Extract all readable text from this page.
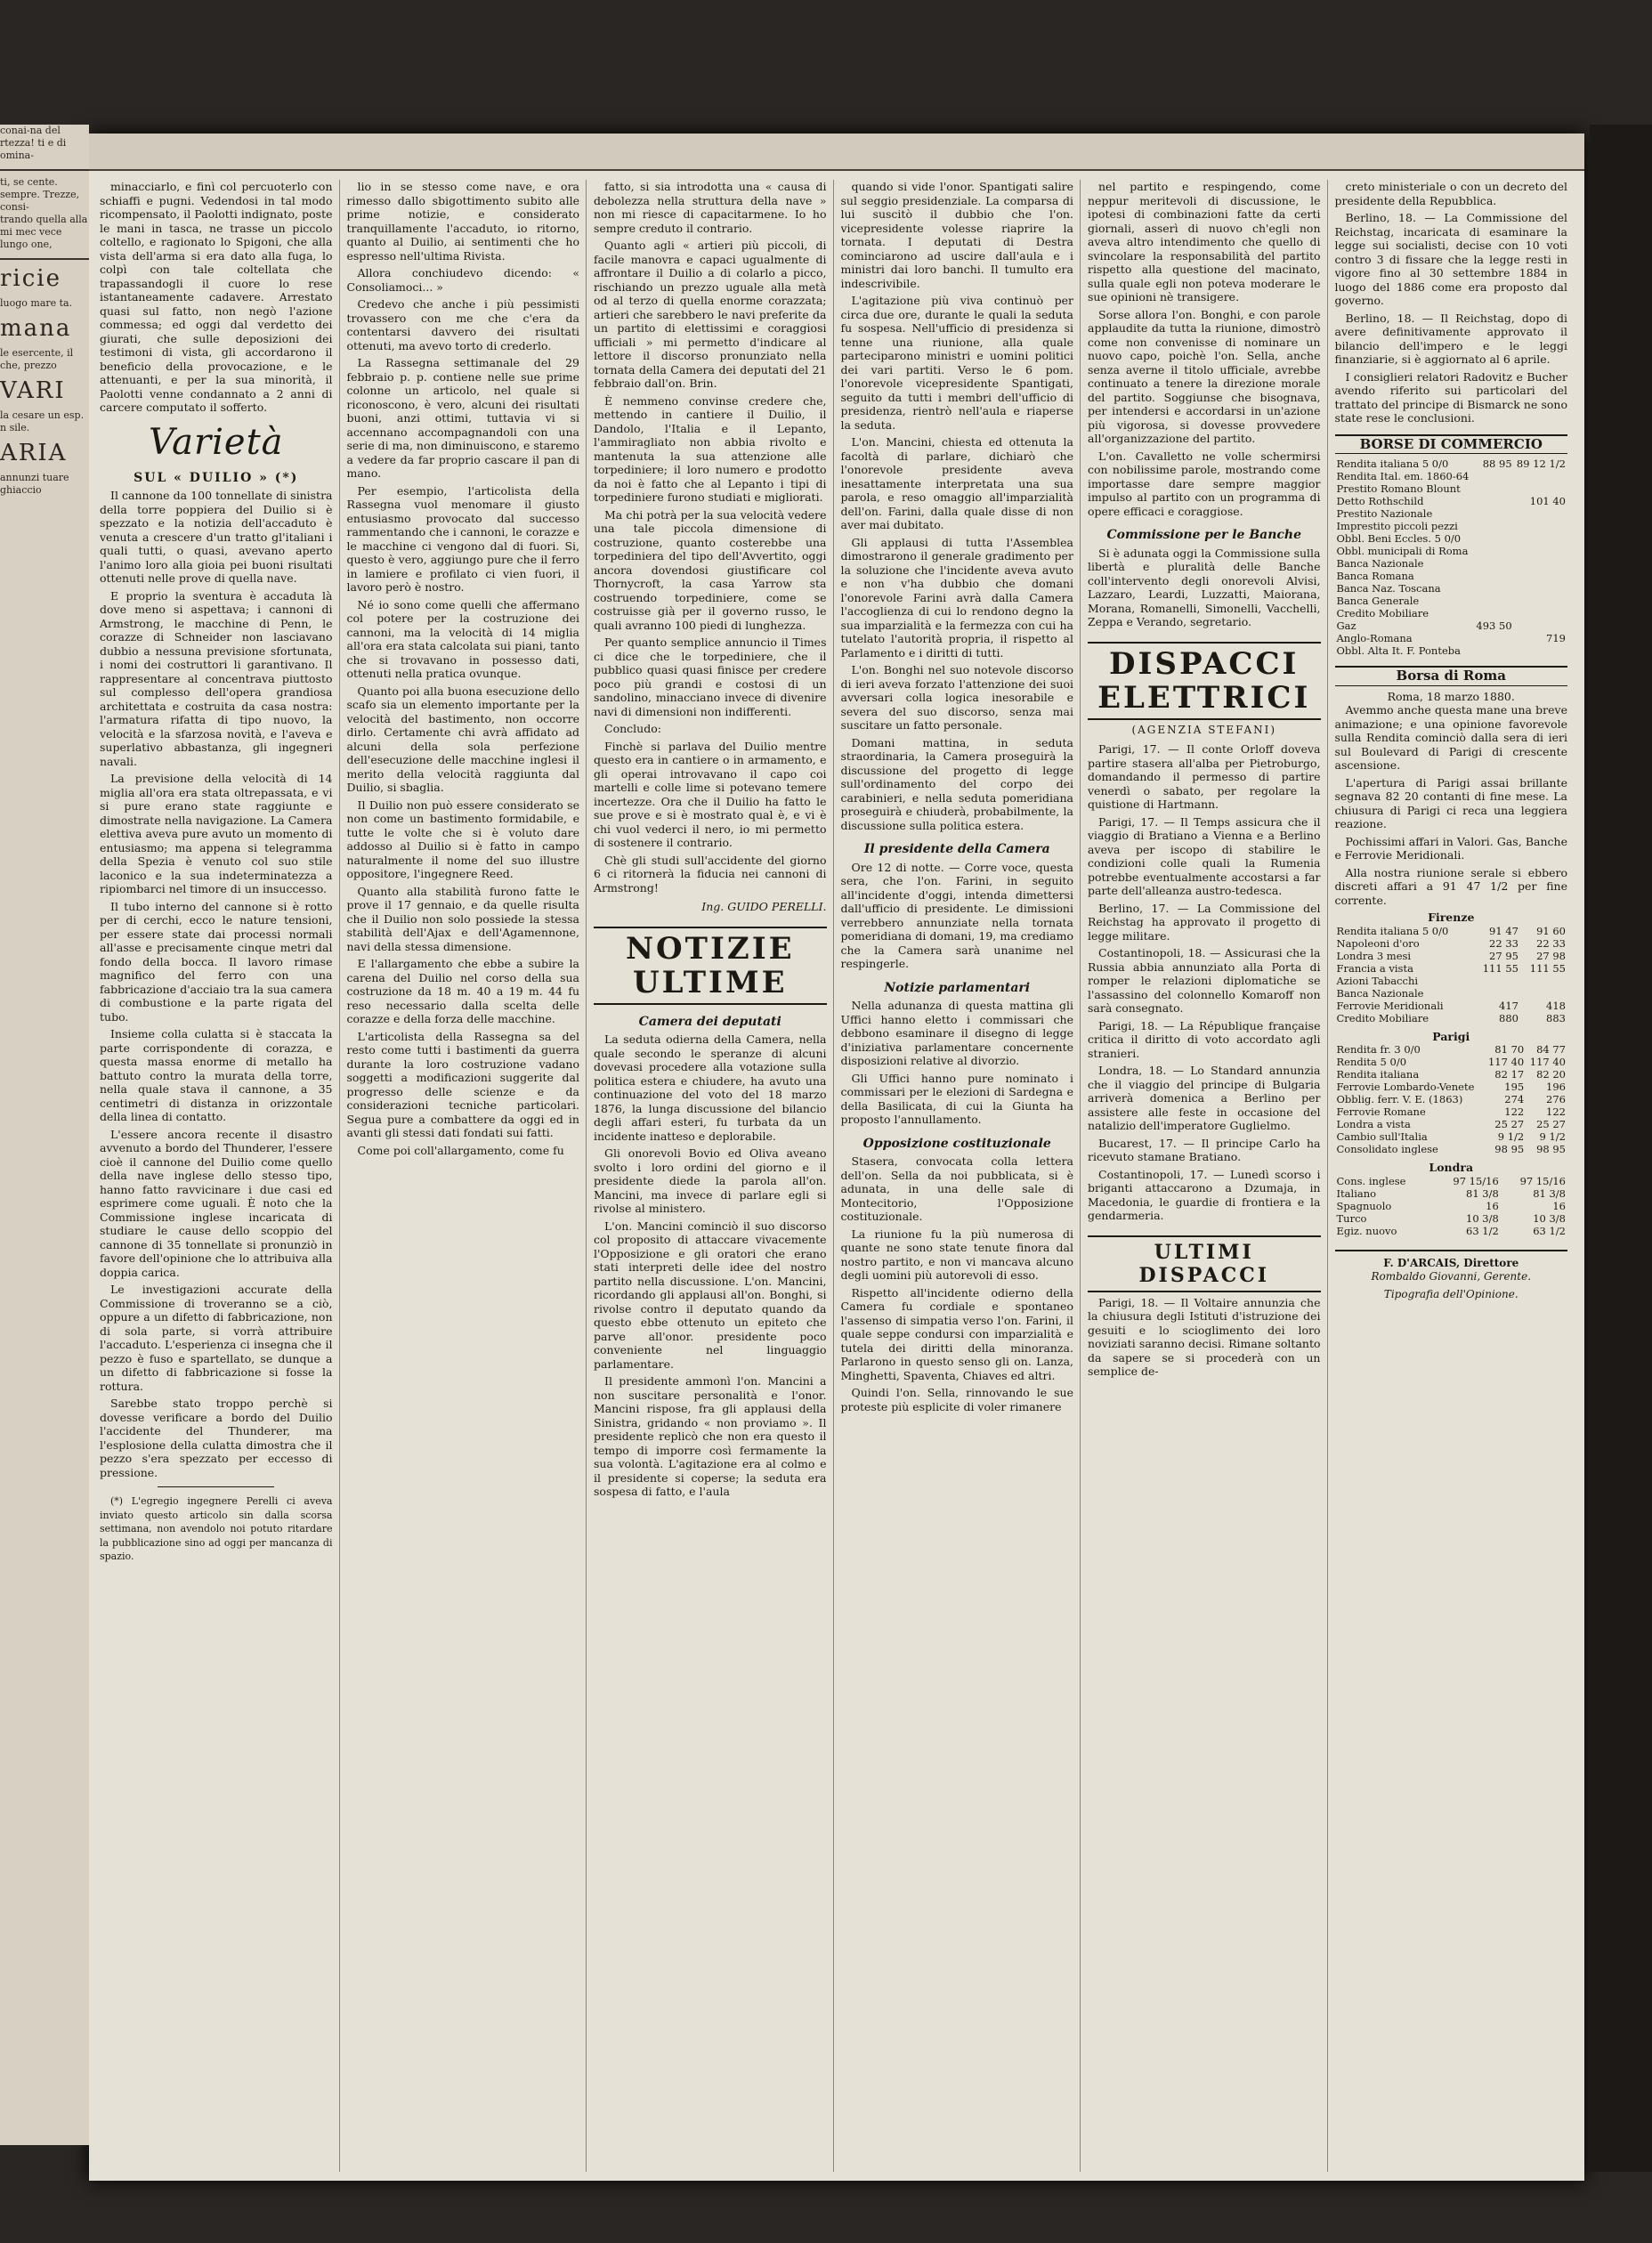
minacciarlo, e finì col percuoterlo con schiaffi e pugni. Vedendosi in tal modo ricompensato, il Paolotti indignato, poste le mani in tasca, ne trasse un piccolo coltello, e ragionato lo Spigoni, che alla vista dell'arma si era dato alla fuga, lo colpì con tale coltellata che trapassandogli il cuore lo rese istantaneamente cadavere. Arrestato quasi sul fatto, non negò l'azione commessa; ed oggi dal verdetto dei giurati, che sulle deposizioni dei testimoni di vista, gli accordarono il beneficio della provocazione, e le attenuanti, e per la sua minorità, il Paolotti venne condannato a 2 anni di carcere computato il sofferto.

Varietà
SUL « DUILIO » (*)

Il cannone da 100 tonnellate di sinistra della torre poppiera del Duilio si è spezzato e la notizia dell'accaduto è venuta a crescere d'un tratto gl'italiani i quali tutti, o quasi, avevano aperto l'animo loro alla gioia pei buoni risultati ottenuti nelle prove di quella nave.

E proprio la sventura è accaduta là dove meno si aspettava; i cannoni di Armstrong, le macchine di Penn, le corazze di Schneider non lasciavano dubbio a nessuna previsione sfortunata, i nomi dei costruttori li garantivano. Il rappresentare al concentrava piuttosto sul complesso dell'opera grandiosa architettata e costruita da casa nostra: l'armatura rifatta di tipo nuovo, la velocità e la sfarzosa novità, e l'aveva e superlativo abbastanza, gli ingegneri navali.

La previsione della velocità di 14 miglia all'ora era stata oltrepassata, e vi si pure erano state raggiunte e dimostrate nella navigazione. La Camera elettiva aveva pure avuto un momento di entusiasmo; ma appena si telegramma della Spezia è venuto col suo stile laconico e la sua indeterminatezza a ripiombarci nel timore di un insuccesso.

Il tubo interno del cannone si è rotto per di cerchi, ecco le nature tensioni, per essere state dai processi normali all'asse e precisamente cinque metri dal fondo della bocca. Il lavoro rimase magnifico del ferro con una fabbricazione d'acciaio tra la sua camera di combustione e la parte rigata del tubo.

Insieme colla culatta si è staccata la parte corrispondente di corazza, e questa massa enorme di metallo ha battuto contro la murata della torre, nella quale stava il cannone, a 35 centimetri di distanza in orizzontale della linea di contatto.

L'essere ancora recente il disastro avvenuto a bordo del Thunderer, l'essere cioè il cannone del Duilio come quello della nave inglese dello stesso tipo, hanno fatto ravvicinare i due casi ed esprimere come uguali. È noto che la Commissione inglese incaricata di studiare le cause dello scoppio del cannone di 35 tonnellate si pronunziò in favore dell'opinione che lo attribuiva alla doppia carica.

Le investigazioni accurate della Commissione di troveranno se a ciò, oppure a un difetto di fabbricazione, non di sola parte, si vorrà attribuire l'accaduto. L'esperienza ci insegna che il pezzo è fuso e spartellato, se dunque a un difetto di fabbricazione si fosse la rottura.

Sarebbe stato troppo perchè si dovesse verificare a bordo del Duilio l'accidente del Thunderer, ma l'esplosione della culatta dimostra che il pezzo s'era spezzato per eccesso di pressione.

(*) L'egregio ingegnere Perelli ci aveva inviato questo articolo sin dalla scorsa settimana, non avendolo noi potuto ritardare la pubblicazione sino ad oggi per mancanza di spazio.

lio in se stesso come nave, e ora rimesso dallo sbigottimento subito alle prime notizie, e considerato tranquillamente l'accaduto, io ritorno, quanto al Duilio, ai sentimenti che ho espresso nell'ultima Rivista.

Allora conchiudevo dicendo: « Consoliamoci... »

Credevo che anche i più pessimisti trovassero con me che c'era da contentarsi davvero dei risultati ottenuti, ma avevo torto di crederlo.

La Rassegna settimanale del 29 febbraio p. p. contiene nelle sue prime colonne un articolo, nel quale si riconoscono, è vero, alcuni dei risultati buoni, anzi ottimi, tuttavia vi si accennano accompagnandoli con una serie di ma, non diminuiscono, e staremo a vedere da far proprio cascare il pan di mano.

Per esempio, l'articolista della Rassegna vuol menomare il giusto entusiasmo provocato dal successo rammentando che i cannoni, le corazze e le macchine ci vengono dal di fuori. Si, questo è vero, aggiungo pure che il ferro in lamiere e profilato ci vien fuori, il lavoro però è nostro.

Né io sono come quelli che affermano col potere per la costruzione dei cannoni, ma la velocità di 14 miglia all'ora era stata calcolata sui piani, tanto che si trovavano in possesso dati, ottenuti nella pratica ovunque.

Quanto poi alla buona esecuzione dello scafo sia un elemento importante per la velocità del bastimento, non occorre dirlo. Certamente chi avrà affidato ad alcuni della sola perfezione dell'esecuzione delle macchine inglesi il merito della velocità raggiunta dal Duilio, si sbaglia.

Il Duilio non può essere considerato se non come un bastimento formidabile, e tutte le volte che si è voluto dare addosso al Duilio si è fatto in campo naturalmente il nome del suo illustre oppositore, l'ingegnere Reed.

Quanto alla stabilità furono fatte le prove il 17 gennaio, e da quelle risulta che il Duilio non solo possiede la stessa stabilità dell'Ajax e dell'Agamennone, navi della stessa dimensione.

E l'allargamento che ebbe a subire la carena del Duilio nel corso della sua costruzione da 18 m. 40 a 19 m. 44 fu reso necessario dalla scelta delle corazze e della forza delle macchine.

L'articolista della Rassegna sa del resto come tutti i bastimenti da guerra durante la loro costruzione vadano soggetti a modificazioni suggerite dal progresso delle scienze e da considerazioni tecniche particolari. Segua pure a combattere da oggi ed in avanti gli stessi dati fondati sui fatti.

Come poi coll'allargamento, come fu

fatto, si sia introdotta una « causa di debolezza nella struttura della nave » non mi riesce di capacitarmene. Io ho sempre creduto il contrario.

Quanto agli « artieri più piccoli, di facile manovra e capaci ugualmente di affrontare il Duilio a di colarlo a picco, rischiando un prezzo uguale alla metà od al terzo di quella enorme corazzata; artieri che sarebbero le navi preferite da un partito di elettissimi e coraggiosi ufficiali » mi permetto d'indicare al lettore il discorso pronunziato nella tornata della Camera dei deputati del 21 febbraio dall'on. Brin.

È nemmeno convinse credere che, mettendo in cantiere il Duilio, il Dandolo, l'Italia e il Lepanto, l'ammiragliato non abbia rivolto e mantenuta la sua attenzione alle torpediniere; il loro numero e prodotto da noi è fatto che al Lepanto i tipi di torpediniere furono studiati e migliorati.

Ma chi potrà per la sua velocità vedere una tale piccola dimensione di costruzione, quanto costerebbe una torpediniera del tipo dell'Avvertito, oggi ancora dovendosi giustificare col Thornycroft, la casa Yarrow sta costruendo torpediniere, come se costruisse già per il governo russo, le quali avranno 100 piedi di lunghezza.

Per quanto semplice annuncio il Times ci dice che le torpediniere, che il pubblico quasi quasi finisce per credere poco più grandi e costosi di un sandolino, minacciano invece di divenire navi di dimensioni non indifferenti.

Concludo:

Finchè si parlava del Duilio mentre questo era in cantiere o in armamento, e gli operai introvavano il capo coi martelli e colle lime si potevano temere incertezze. Ora che il Duilio ha fatto le sue prove e si è mostrato qual è, e vi è chi vuol vederci il nero, io mi permetto di sostenere il contrario.

Chè gli studi sull'accidente del giorno 6 ci ritornerà la fiducia nei cannoni di Armstrong!

Ing. GUIDO PERELLI.
NOTIZIE ULTIME
Camera dei deputati

La seduta odierna della Camera, nella quale secondo le speranze di alcuni dovevasi procedere alla votazione sulla politica estera e chiudere, ha avuto una continuazione del voto del 18 marzo 1876, la lunga discussione del bilancio degli affari esteri, fu turbata da un incidente inatteso e deplorabile.

Gli onorevoli Bovio ed Oliva aveano svolto i loro ordini del giorno e il presidente diede la parola all'on. Mancini, ma invece di parlare egli si rivolse al ministero.

L'on. Mancini cominciò il suo discorso col proposito di attaccare vivacemente l'Opposizione e gli oratori che erano stati interpreti delle idee del nostro partito nella discussione. L'on. Mancini, ricordando gli applausi all'on. Bonghi, si rivolse contro il deputato quando da questo ebbe ottenuto un epiteto che parve all'onor. presidente poco conveniente nel linguaggio parlamentare.

Il presidente ammonì l'on. Mancini a non suscitare personalità e l'onor. Mancini rispose, fra gli applausi della Sinistra, gridando « non proviamo ». Il presidente replicò che non era questo il tempo di imporre così fermamente la sua volontà. L'agitazione era al colmo e il presidente si coperse; la seduta era sospesa di fatto, e l'aula

quando si vide l'onor. Spantigati salire sul seggio presidenziale. La comparsa di lui suscitò il dubbio che l'on. vicepresidente volesse riaprire la tornata. I deputati di Destra cominciarono ad uscire dall'aula e i ministri dai loro banchi. Il tumulto era indescrivibile.

L'agitazione più viva continuò per circa due ore, durante le quali la seduta fu sospesa. Nell'ufficio di presidenza si tenne una riunione, alla quale parteciparono ministri e uomini politici dei vari partiti. Verso le 6 pom. l'onorevole vicepresidente Spantigati, seguito da tutti i membri dell'ufficio di presidenza, rientrò nell'aula e riaperse la seduta.

L'on. Mancini, chiesta ed ottenuta la facoltà di parlare, dichiarò che l'onorevole presidente aveva inesattamente interpretata una sua parola, e reso omaggio all'imparzialità dell'on. Farini, dalla quale disse di non aver mai dubitato.

Gli applausi di tutta l'Assemblea dimostrarono il generale gradimento per la soluzione che l'incidente aveva avuto e non v'ha dubbio che domani l'onorevole Farini avrà dalla Camera l'accoglienza di cui lo rendono degno la sua imparzialità e la fermezza con cui ha tutelato l'autorità propria, il rispetto al Parlamento e i diritti di tutti.

L'on. Bonghi nel suo notevole discorso di ieri aveva forzato l'attenzione dei suoi avversari colla logica inesorabile e severa del suo discorso, senza mai suscitare un fatto personale.

Domani mattina, in seduta straordinaria, la Camera proseguirà la discussione del progetto di legge sull'ordinamento del corpo dei carabinieri, e nella seduta pomeridiana proseguirà e chiuderà, probabilmente, la discussione sulla politica estera.

Il presidente della Camera

Ore 12 di notte. — Corre voce, questa sera, che l'on. Farini, in seguito all'incidente d'oggi, intenda dimettersi dall'ufficio di presidente. Le dimissioni verrebbero annunziate nella tornata pomeridiana di domani, 19, ma crediamo che la Camera sarà unanime nel respingerle.

Notizie parlamentari

Nella adunanza di questa mattina gli Uffici hanno eletto i commissari che debbono esaminare il disegno di legge d'iniziativa parlamentare concernente disposizioni relative al divorzio.

Gli Uffici hanno pure nominato i commissari per le elezioni di Sardegna e della Basilicata, di cui la Giunta ha proposto l'annullamento.

Opposizione costituzionale

Stasera, convocata colla lettera dell'on. Sella da noi pubblicata, si è adunata, in una delle sale di Montecitorio, l'Opposizione costituzionale.

La riunione fu la più numerosa di quante ne sono state tenute finora dal nostro partito, e non vi mancava alcuno degli uomini più autorevoli di esso.

Rispetto all'incidente odierno della Camera fu cordiale e spontaneo l'assenso di simpatia verso l'on. Farini, il quale seppe condursi con imparzialità e tutela dei diritti della minoranza. Parlarono in questo senso gli on. Lanza, Minghetti, Spaventa, Chiaves ed altri.

Quindi l'on. Sella, rinnovando le sue proteste più esplicite di voler rimanere

nel partito e respingendo, come neppur meritevoli di discussione, le ipotesi di combinazioni fatte da certi giornali, asserì di nuovo ch'egli non aveva altro intendimento che quello di svincolare la responsabilità del partito rispetto alla questione del macinato, sulla quale egli non poteva moderare le sue opinioni nè transigere.

Sorse allora l'on. Bonghi, e con parole applaudite da tutta la riunione, dimostrò come non convenisse di nominare un nuovo capo, poichè l'on. Sella, anche senza averne il titolo ufficiale, avrebbe continuato a tenere la direzione morale del partito. Soggiunse che bisognava, per intendersi e accordarsi in un'azione più vigorosa, si dovesse provvedere all'organizzazione del partito.

L'on. Cavalletto ne volle schermirsi con nobilissime parole, mostrando come importasse dare sempre maggior impulso al partito con un programma di opere efficaci e coraggiose.

Commissione per le Banche

Si è adunata oggi la Commissione sulla libertà e pluralità delle Banche coll'intervento degli onorevoli Alvisi, Lazzaro, Leardi, Luzzatti, Maiorana, Morana, Romanelli, Simonelli, Vacchelli, Zeppa e Verando, segretario.

DISPACCI ELETTRICI
(AGENZIA STEFANI)

Parigi, 17. — Il conte Orloff doveva partire stasera all'alba per Pietroburgo, domandando il permesso di partire venerdì o sabato, per regolare la quistione di Hartmann.

Parigi, 17. — Il Temps assicura che il viaggio di Bratiano a Vienna e a Berlino aveva per iscopo di stabilire le condizioni colle quali la Rumenia potrebbe eventualmente accostarsi a far parte dell'alleanza austro-tedesca.

Berlino, 17. — La Commissione del Reichstag ha approvato il progetto di legge militare.

Costantinopoli, 18. — Assicurasi che la Russia abbia annunziato alla Porta di romper le relazioni diplomatiche se l'assassino del colonnello Komaroff non sarà consegnato.

Parigi, 18. — La République française critica il diritto di voto accordato agli stranieri.

Londra, 18. — Lo Standard annunzia che il viaggio del principe di Bulgaria arriverà domenica a Berlino per assistere alle feste in occasione del natalizio dell'imperatore Guglielmo.

Bucarest, 17. — Il principe Carlo ha ricevuto stamane Bratiano.

Costantinopoli, 17. — Lunedì scorso i briganti attaccarono a Dzumaja, in Macedonia, le guardie di frontiera e la gendarmeria.

ULTIMI DISPACCI

Parigi, 18. — Il Voltaire annunzia che la chiusura degli Istituti d'istruzione dei gesuiti e lo scioglimento dei loro noviziati saranno decisi. Rimane soltanto da sapere se si procederà con un semplice de-

creto ministeriale o con un decreto del presidente della Repubblica.

Berlino, 18. — La Commissione del Reichstag, incaricata di esaminare la legge sui socialisti, decise con 10 voti contro 3 di fissare che la legge resti in vigore fino al 30 settembre 1884 in luogo del 1886 come era proposto dal governo.

Berlino, 18. — Il Reichstag, dopo di avere definitivamente approvato il bilancio dell'impero e le leggi finanziarie, si è aggiornato al 6 aprile.

I consiglieri relatori Radovitz e Bucher avendo riferito sui particolari del trattato del principe di Bismarck ne sono state rese le conclusioni.

BORSE DI COMMERCIO
Rendita italiana 5 0/0	88 95	89 12 1/2
Rendita Ital. em. 1860-64		
Prestito Romano Blount		
Detto Rothschild		101 40
Prestito Nazionale		
Imprestito piccoli pezzi		
Obbl. Beni Eccles. 5 0/0		
Obbl. municipali di Roma		
Banca Nazionale		
Banca Romana		
Banca Naz. Toscana		
Banca Generale		
Credito Mobiliare		
Gaz	493 50	
Anglo-Romana		719
Obbl. Alta It. F. Ponteba		
Borsa di Roma
Roma, 18 marzo 1880.

Avemmo anche questa mane una breve animazione; e una opinione favorevole sulla Rendita cominciò dalla sera di ieri sul Boulevard di Parigi di crescente ascensione.

L'apertura di Parigi assai brillante segnava 82 20 contanti di fine mese. La chiusura di Parigi ci reca una leggiera reazione.

Pochissimi affari in Valori. Gas, Banche e Ferrovie Meridionali.

Alla nostra riunione serale si ebbero discreti affari a 91 47 1/2 per fine corrente.

Firenze
Rendita italiana 5 0/0	91 47	91 60
Napoleoni d'oro	22 33	22 33
Londra 3 mesi	27 95	27 98
Francia a vista	111 55	111 55
Azioni Tabacchi		
Banca Nazionale		
Ferrovie Meridionali	417	418
Credito Mobiliare	880	883
Parigi
Rendita fr. 3 0/0	81 70	84 77
Rendita 5 0/0	117 40	117 40
Rendita italiana	82 17	82 20
Ferrovie Lombardo-Venete	195	196
Obblig. ferr. V. E. (1863)	274	276
Ferrovie Romane	122	122
Londra a vista	25 27	25 27
Cambio sull'Italia	9 1/2	9 1/2
Consolidato inglese	98 95	98 95
Londra
Cons. inglese	97 15/16	97 15/16
Italiano	81 3/8	81 3/8
Spagnuolo	16	16
Turco	10 3/8	10 3/8
Egiz. nuovo	63 1/2	63 1/2
F. D'ARCAIS, Direttore
Rombaldo Giovanni, Gerente.
Tipografia dell'Opinione.
conai-na del rtezza! ti e di omina-
ti, se cente. sempre. Trezze, consi-
trando quella alla mi mec vece lungo one,
ricie
luogo mare ta.
mana
le esercente, il che, prezzo
VARI
la cesare un esp. n sile.
ARIA
annunzi tuare ghiaccio
